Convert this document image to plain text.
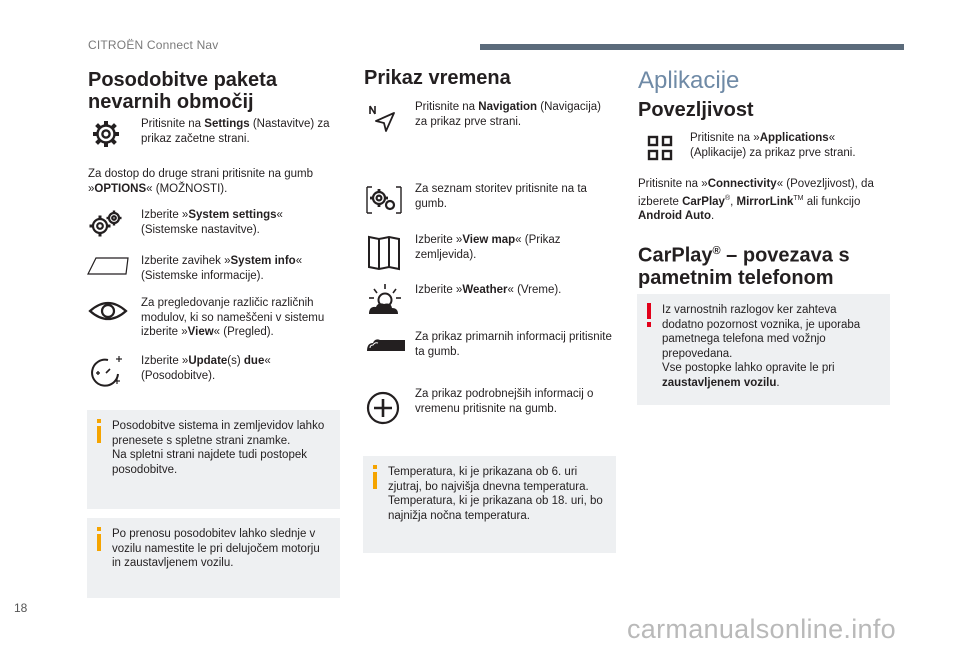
CITROËN Connect Nav
18
carmanualsonline.info
Posodobitve paketa
nevarnih območij
Pritisnite na Settings (Nastavitve) za prikaz začetne strani.
Za dostop do druge strani pritisnite na gumb »OPTIONS« (MOŽNOSTI).
Izberite »System settings« (Sistemske nastavitve).
Izberite zavihek »System info« (Sistemske informacije).
Za pregledovanje različic različnih modulov, ki so nameščeni v sistemu izberite »View« (Pregled).
Izberite »Update(s) due« (Posodobitve).

Posodobitve sistema in zemljevidov lahko prenesete s spletne strani znamke.

Na spletni strani najdete tudi postopek posodobitve.

Po prenosu posodobitev lahko slednje v vozilu namestite le pri delujočem motorju in zaustavljenem vozilu.

Prikaz vremena
Pritisnite na Navigation (Navigacija) za prikaz prve strani.
Za seznam storitev pritisnite na ta gumb.
Izberite »View map« (Prikaz zemljevida).
Izberite »Weather« (Vreme).
Za prikaz primarnih informacij pritisnite ta gumb.
Za prikaz podrobnejših informacij o vremenu pritisnite na gumb.

Temperatura, ki je prikazana ob 6. uri zjutraj, bo najvišja dnevna temperatura.

Temperatura, ki je prikazana ob 18. uri, bo najnižja nočna temperatura.

Aplikacije
Povezljivost
Pritisnite na »Applications« (Aplikacije) za prikaz prve strani.
Pritisnite na »Connectivity« (Povezljivost), da izberete CarPlay®, MirrorLink™ ali funkcijo Android Auto.
CarPlay® – povezava s
pametnim telefonom

Iz varnostnih razlogov ker zahteva dodatno pozornost voznika, je uporaba pametnega telefona med vožnjo prepovedana.

Vse postopke lahko opravite le pri zaustavljenem vozilu.
